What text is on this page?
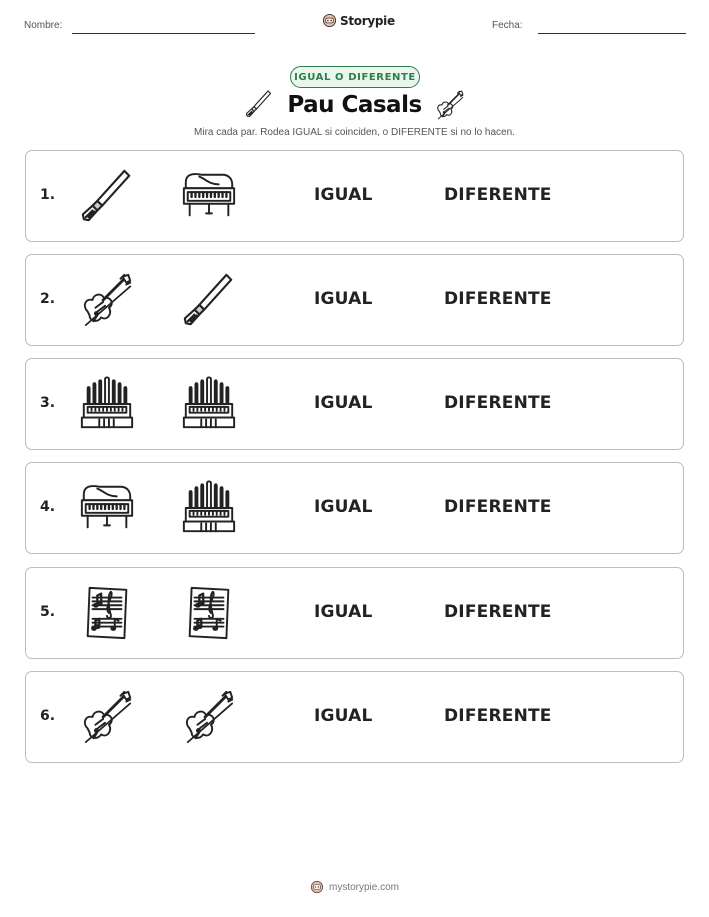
Nombre:	Storypie	Fecha:
IGUAL O DIFERENTE
Pau Casals
Mira cada par. Rodea IGUAL si coinciden, o DIFERENTE si no lo hacen.
1.	IGUAL	DIFERENTE
2.	IGUAL	DIFERENTE
3.	IGUAL	DIFERENTE
4.	IGUAL	DIFERENTE
5.	IGUAL	DIFERENTE
6.	IGUAL	DIFERENTE
mystorypie.com
